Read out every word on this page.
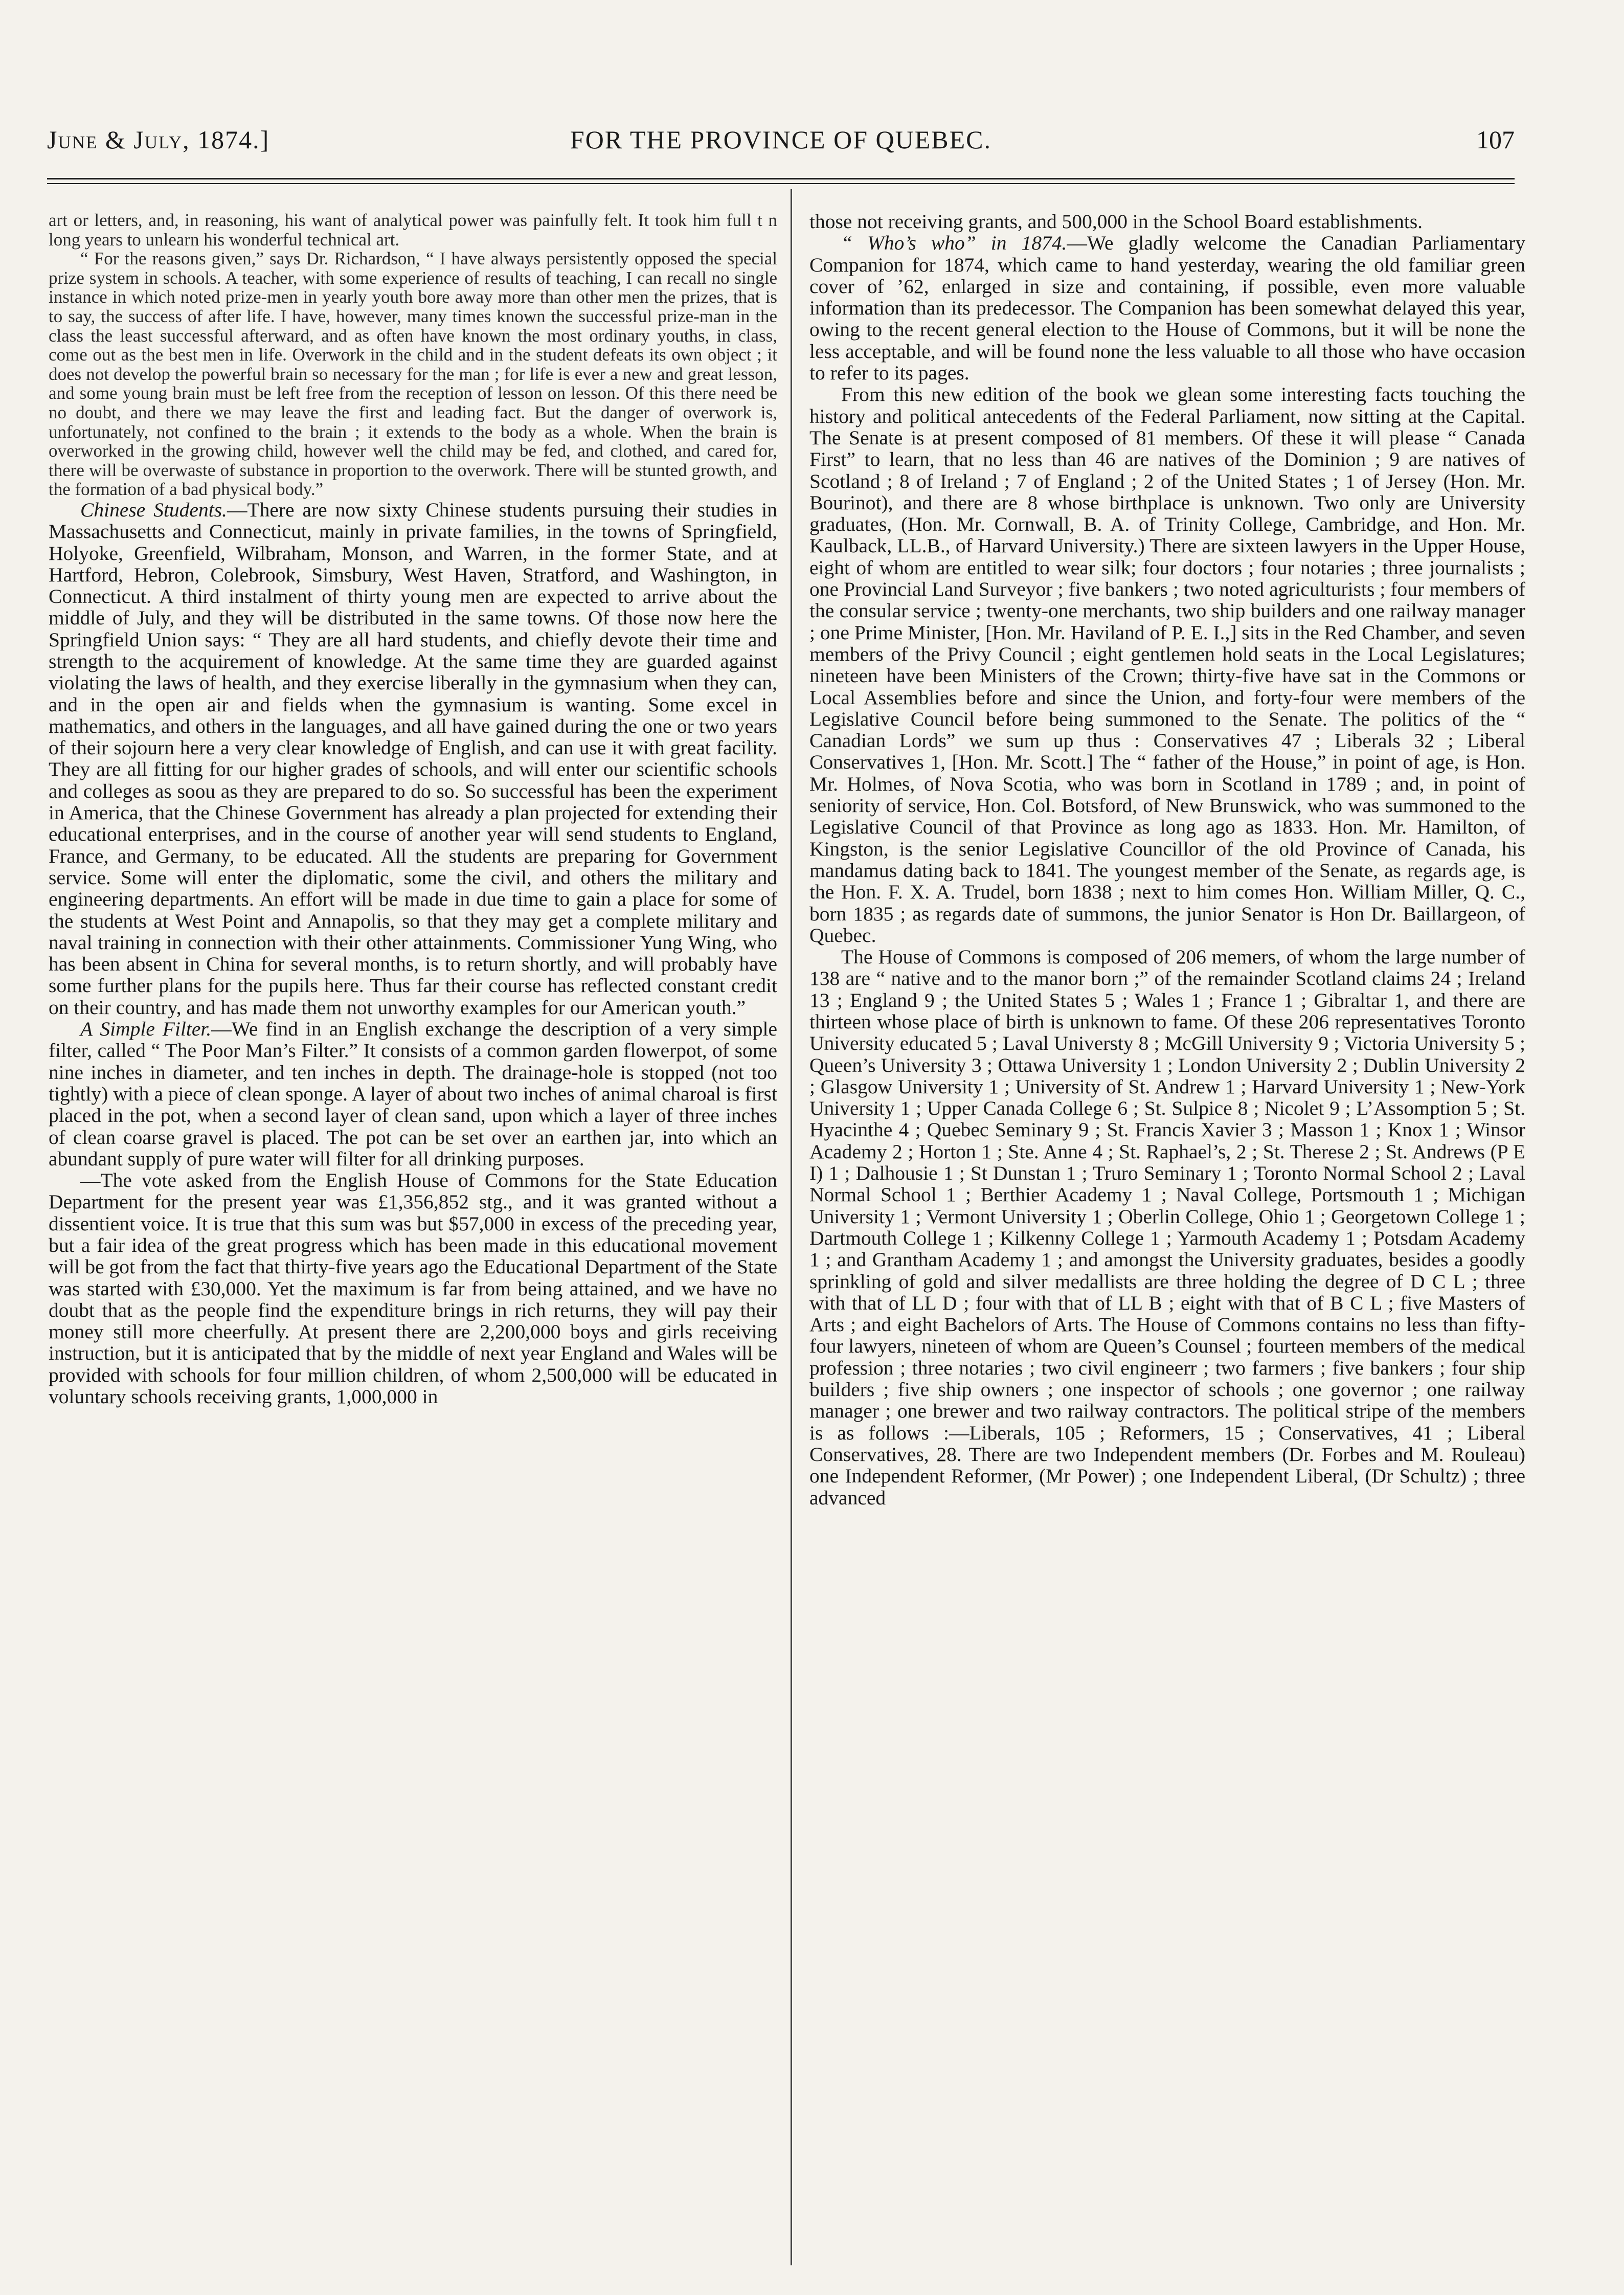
June & July, 1874.]	FOR THE PROVINCE OF QUEBEC.	107

art or letters, and, in reasoning, his want of analytical power was painfully felt. It took him full t n long years to unlearn his wonderful technical art.

“ For the reasons given,” says Dr. Richardson, “ I have always persistently opposed the special prize system in schools. A teacher, with some experience of results of teaching, I can recall no single instance in which noted prize-men in yearly youth bore away more than other men the prizes, that is to say, the success of after life. I have, however, many times known the successful prize-man in the class the least successful afterward, and as often have known the most ordinary youths, in class, come out as the best men in life. Overwork in the child and in the student defeats its own object ; it does not develop the powerful brain so necessary for the man ; for life is ever a new and great lesson, and some young brain must be left free from the reception of lesson on lesson. Of this there need be no doubt, and there we may leave the first and leading fact. But the danger of overwork is, unfortunately, not confined to the brain ; it extends to the body as a whole. When the brain is overworked in the growing child, however well the child may be fed, and clothed, and cared for, there will be overwaste of substance in proportion to the overwork. There will be stunted growth, and the formation of a bad physical body.”

Chinese Students.—There are now sixty Chinese students pursuing their studies in Massachusetts and Connecticut, mainly in private families, in the towns of Springfield, Holyoke, Greenfield, Wilbraham, Monson, and Warren, in the former State, and at Hartford, Hebron, Colebrook, Simsbury, West Haven, Stratford, and Washington, in Connecticut. A third instalment of thirty young men are expected to arrive about the middle of July, and they will be distributed in the same towns. Of those now here the Springfield Union says: “ They are all hard students, and chiefly devote their time and strength to the acquirement of knowledge. At the same time they are guarded against violating the laws of health, and they exercise liberally in the gymnasium when they can, and in the open air and fields when the gymnasium is wanting. Some excel in mathematics, and others in the languages, and all have gained during the one or two years of their sojourn here a very clear knowledge of English, and can use it with great facility. They are all fitting for our higher grades of schools, and will enter our scientific schools and colleges as soou as they are prepared to do so. So successful has been the experiment in America, that the Chinese Government has already a plan projected for extending their educational enterprises, and in the course of another year will send students to England, France, and Germany, to be educated. All the students are preparing for Government service. Some will enter the diplomatic, some the civil, and others the military and engineering departments. An effort will be made in due time to gain a place for some of the students at West Point and Annapolis, so that they may get a complete military and naval training in connection with their other attainments. Commissioner Yung Wing, who has been absent in China for several months, is to return shortly, and will probably have some further plans for the pupils here. Thus far their course has reflected constant credit on their country, and has made them not unworthy examples for our American youth.”

A Simple Filter.—We find in an English exchange the description of a very simple filter, called “ The Poor Man’s Filter.” It consists of a common garden flowerpot, of some nine inches in diameter, and ten inches in depth. The drainage-hole is stopped (not too tightly) with a piece of clean sponge. A layer of about two inches of animal charoal is first placed in the pot, when a second layer of clean sand, upon which a layer of three inches of clean coarse gravel is placed. The pot can be set over an earthen jar, into which an abundant supply of pure water will filter for all drinking purposes.

—The vote asked from the English House of Commons for the State Education Department for the present year was £1,356,852 stg., and it was granted without a dissentient voice. It is true that this sum was but $57,000 in excess of the preceding year, but a fair idea of the great progress which has been made in this educational movement will be got from the fact that thirty-five years ago the Educational Department of the State was started with £30,000. Yet the maximum is far from being attained, and we have no doubt that as the people find the expenditure brings in rich returns, they will pay their money still more cheerfully. At present there are 2,200,000 boys and girls receiving instruction, but it is anticipated that by the middle of next year England and Wales will be provided with schools for four million children, of whom 2,500,000 will be educated in voluntary schools receiving grants, 1,000,000 in

those not receiving grants, and 500,000 in the School Board establishments.

“ Who’s who” in 1874.—We gladly welcome the Canadian Parliamentary Companion for 1874, which came to hand yesterday, wearing the old familiar green cover of ’62, enlarged in size and containing, if possible, even more valuable information than its predecessor. The Companion has been somewhat delayed this year, owing to the recent general election to the House of Commons, but it will be none the less acceptable, and will be found none the less valuable to all those who have occasion to refer to its pages.

From this new edition of the book we glean some interesting facts touching the history and political antecedents of the Federal Parliament, now sitting at the Capital. The Senate is at present composed of 81 members. Of these it will please “ Canada First” to learn, that no less than 46 are natives of the Dominion ; 9 are natives of Scotland ; 8 of Ireland ; 7 of England ; 2 of the United States ; 1 of Jersey (Hon. Mr. Bourinot), and there are 8 whose birthplace is unknown. Two only are University graduates, (Hon. Mr. Cornwall, B. A. of Trinity College, Cambridge, and Hon. Mr. Kaulback, LL.B., of Harvard University.) There are sixteen lawyers in the Upper House, eight of whom are entitled to wear silk; four doctors ; four notaries ; three journalists ; one Provincial Land Surveyor ; five bankers ; two noted agriculturists ; four members of the consular service ; twenty-one merchants, two ship builders and one railway manager ; one Prime Minister, [Hon. Mr. Haviland of P. E. I.,] sits in the Red Chamber, and seven members of the Privy Council ; eight gentlemen hold seats in the Local Legislatures; nineteen have been Ministers of the Crown; thirty-five have sat in the Commons or Local Assemblies before and since the Union, and forty-four were members of the Legislative Council before being summoned to the Senate. The politics of the “ Canadian Lords” we sum up thus : Conservatives 47 ; Liberals 32 ; Liberal Conservatives 1, [Hon. Mr. Scott.] The “ father of the House,” in point of age, is Hon. Mr. Holmes, of Nova Scotia, who was born in Scotland in 1789 ; and, in point of seniority of service, Hon. Col. Botsford, of New Brunswick, who was summoned to the Legislative Council of that Province as long ago as 1833. Hon. Mr. Hamilton, of Kingston, is the senior Legislative Councillor of the old Province of Canada, his mandamus dating back to 1841. The youngest member of the Senate, as regards age, is the Hon. F. X. A. Trudel, born 1838 ; next to him comes Hon. William Miller, Q. C., born 1835 ; as regards date of summons, the junior Senator is Hon Dr. Baillargeon, of Quebec.

The House of Commons is composed of 206 memers, of whom the large number of 138 are “ native and to the manor born ;” of the remainder Scotland claims 24 ; Ireland 13 ; England 9 ; the United States 5 ; Wales 1 ; France 1 ; Gibraltar 1, and there are thirteen whose place of birth is unknown to fame. Of these 206 representatives Toronto University educated 5 ; Laval Universty 8 ; McGill University 9 ; Victoria University 5 ; Queen’s University 3 ; Ottawa University 1 ; London University 2 ; Dublin University 2 ; Glasgow University 1 ; University of St. Andrew 1 ; Harvard University 1 ; New-York University 1 ; Upper Canada College 6 ; St. Sulpice 8 ; Nicolet 9 ; L’Assomption 5 ; St. Hyacinthe 4 ; Quebec Seminary 9 ; St. Francis Xavier 3 ; Masson 1 ; Knox 1 ; Winsor Academy 2 ; Horton 1 ; Ste. Anne 4 ; St. Raphael’s, 2 ; St. Therese 2 ; St. Andrews (P E I) 1 ; Dalhousie 1 ; St Dunstan 1 ; Truro Seminary 1 ; Toronto Normal School 2 ; Laval Normal School 1 ; Berthier Academy 1 ; Naval College, Portsmouth 1 ; Michigan University 1 ; Vermont University 1 ; Oberlin College, Ohio 1 ; Georgetown College 1 ; Dartmouth College 1 ; Kilkenny College 1 ; Yarmouth Academy 1 ; Potsdam Academy 1 ; and Grantham Academy 1 ; and amongst the University graduates, besides a goodly sprinkling of gold and silver medallists are three holding the degree of D C L ; three with that of LL D ; four with that of LL B ; eight with that of B C L ; five Masters of Arts ; and eight Bachelors of Arts. The House of Commons contains no less than fifty-four lawyers, nineteen of whom are Queen’s Counsel ; fourteen members of the medical profession ; three notaries ; two civil engineerr ; two farmers ; five bankers ; four ship builders ; five ship owners ; one inspector of schools ; one governor ; one railway manager ; one brewer and two railway contractors. The political stripe of the members is as follows :—Liberals, 105 ; Reformers, 15 ; Conservatives, 41 ; Liberal Conservatives, 28. There are two Independent members (Dr. Forbes and M. Rouleau) one Independent Reformer, (Mr Power) ; one Independent Liberal, (Dr Schultz) ; three advanced
